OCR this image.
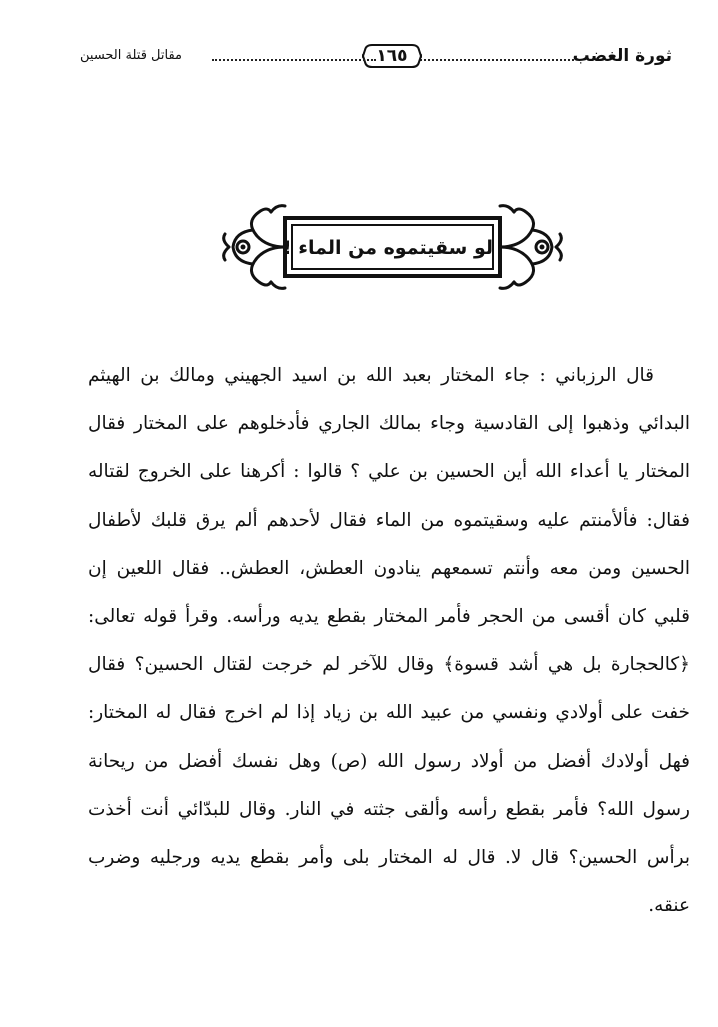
ثورة الغضب
١٦٥
مقاتل قتلة الحسين
لو سقيتموه من الماء !

قال الرزباني : جاء المختار بعبد الله بن اسيد الجهيني ومالك بن الهيثم البدائي وذهبوا إلى القادسية وجاء بمالك الجاري فأدخلوهم على المختار فقال المختار يا أعداء الله أين الحسين بن علي ؟ قالوا : أكرهنا على الخروج لقتاله فقال: فألأمنتم عليه وسقيتموه من الماء فقال لأحدهم ألم يرق قلبك لأطفال الحسين ومن معه وأنتم تسمعهم ينادون العطش، العطش.. فقال اللعين إن قلبي كان أقسى من الحجر فأمر المختار بقطع يديه ورأسه. وقرأ قوله تعالى: ﴿كالحجارة بل هي أشد قسوة﴾ وقال للآخر لم خرجت لقتال الحسين؟ فقال خفت على أولادي ونفسي من عبيد الله بن زياد إذا لم اخرج فقال له المختار: فهل أولادك أفضل من أولاد رسول الله (ص) وهل نفسك أفضل من ريحانة رسول الله؟ فأمر بقطع رأسه وألقى جثته في النار. وقال للبدّائي أنت أخذت برأس الحسين؟ قال لا. قال له المختار بلى وأمر بقطع يديه ورجليه وضرب عنقه.
